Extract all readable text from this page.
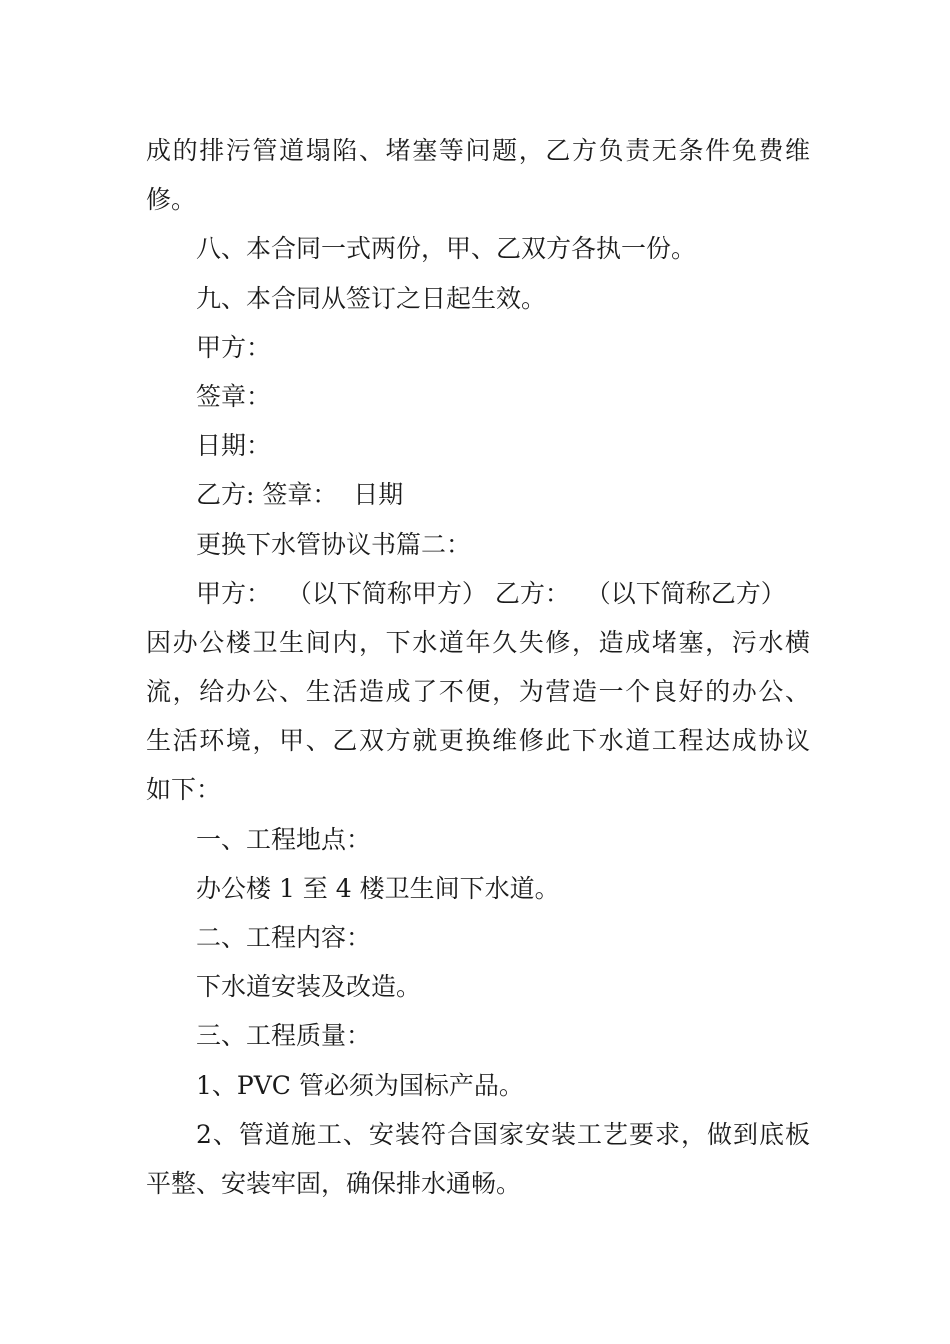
成的排污管道塌陷、堵塞等问题，乙方负责无条件免费维
修。
八、本合同一式两份，甲、乙双方各执一份。
九、本合同从签订之日起生效。
甲方：
签章：
日期：
乙方: 签章：  日期
更换下水管协议书篇二：
甲方：  （以下简称甲方） 乙方：  （以下简称乙方）
因办公楼卫生间内，下水道年久失修，造成堵塞，污水横
流，给办公、生活造成了不便，为营造一个良好的办公、
生活环境，甲、乙双方就更换维修此下水道工程达成协议
如下：
一、工程地点：
办公楼 1 至 4 楼卫生间下水道。
二、工程内容：
下水道安装及改造。
三、工程质量：
1、PVC 管必须为国标产品。
2、管道施工、安装符合国家安装工艺要求，做到底板
平整、安装牢固，确保排水通畅。
